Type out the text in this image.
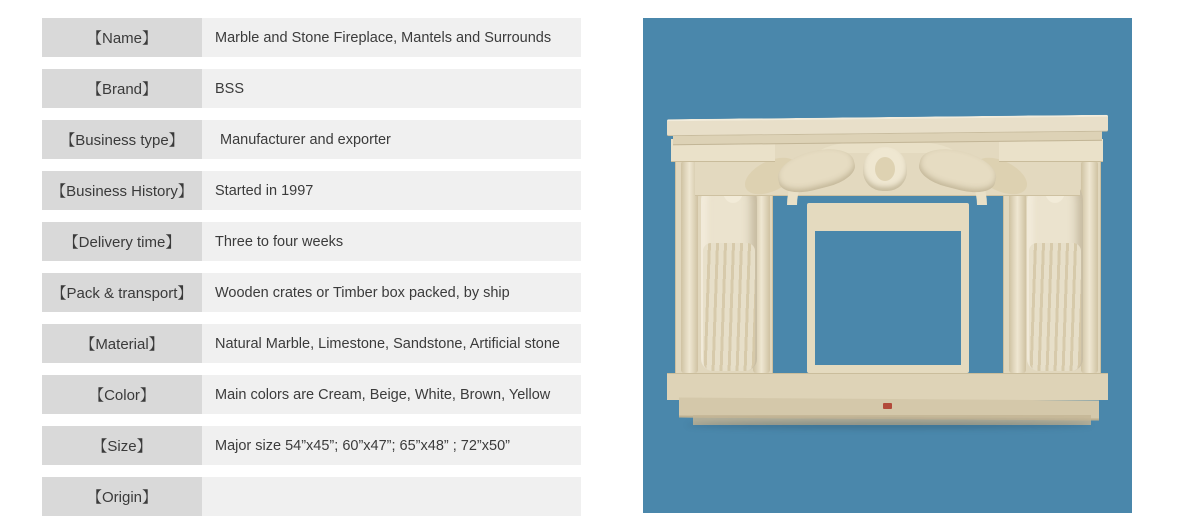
【Name】	Marble and Stone Fireplace, Mantels and Surrounds
【Brand】	BSS
【Business type】	Manufacturer and exporter
【Business History】	Started in 1997
【Delivery time】	Three to four weeks
【Pack & transport】	Wooden crates or Timber box packed, by ship
【Material】	Natural Marble, Limestone, Sandstone, Artificial stone
【Color】	Main colors are Cream, Beige, White, Brown, Yellow
【Size】	Major size 54”x45”; 60”x47”; 65”x48” ; 72”x50”
【Origin】
